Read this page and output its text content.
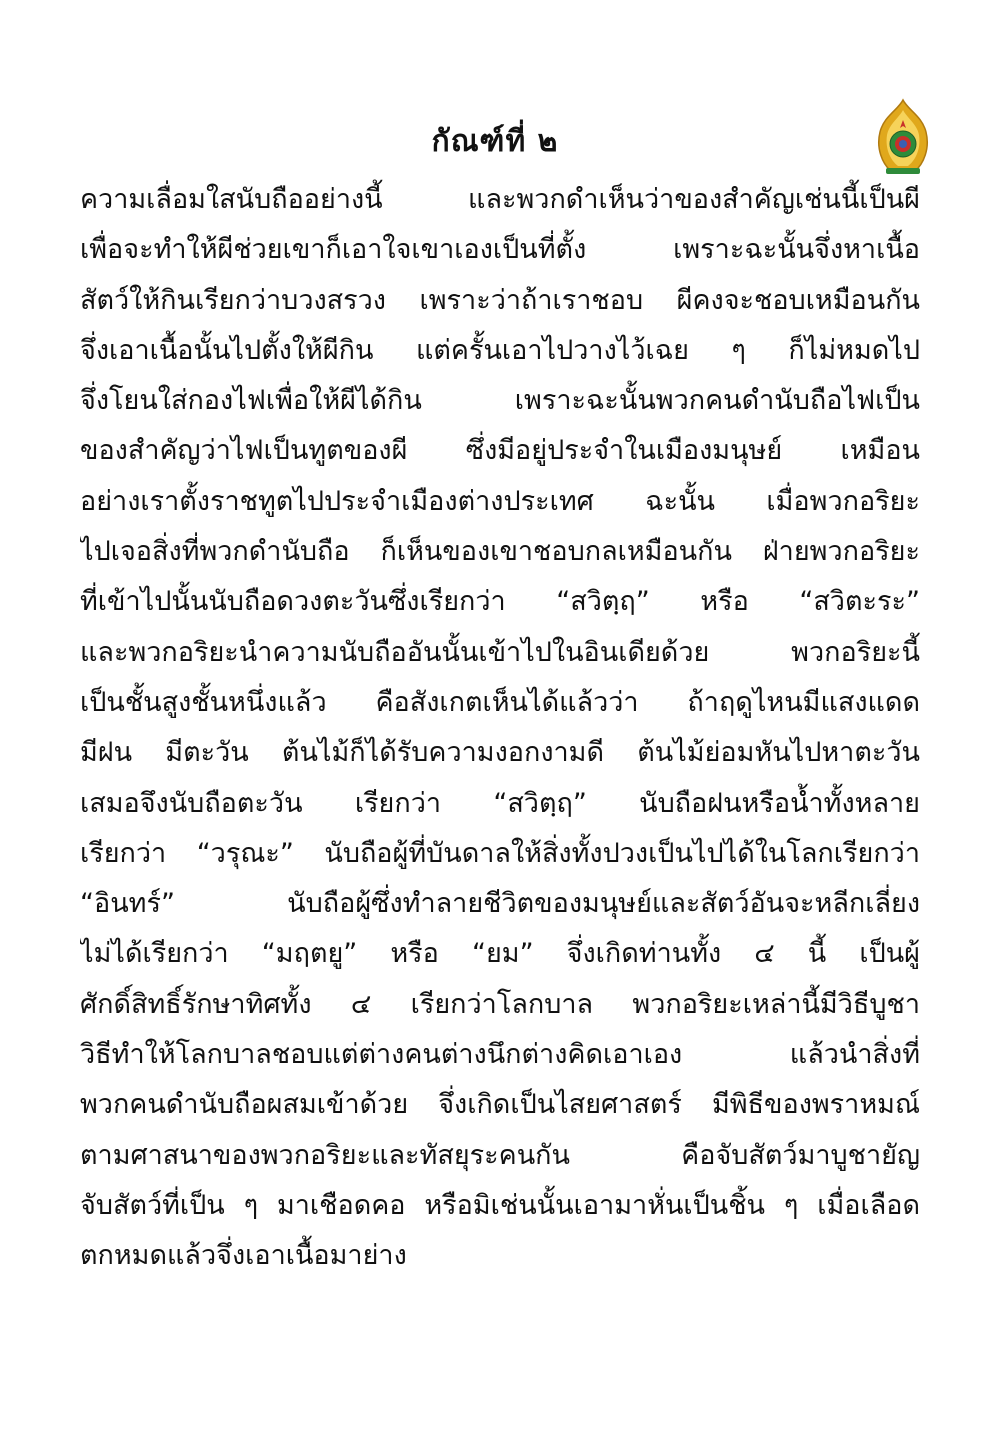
กัณฑ์ที่ ๒
ความเลื่อมใสนับถืออย่างนี้ และพวกดำเห็นว่าของสำคัญเช่นนี้เป็นผี
เพื่อจะทำให้ผีช่วยเขาก็เอาใจเขาเองเป็นที่ตั้ง เพราะฉะนั้นจึ่งหาเนื้อ
สัตว์ให้กินเรียกว่าบวงสรวง เพราะว่าถ้าเราชอบ ผีคงจะชอบเหมือนกัน
จึ่งเอาเนื้อนั้นไปตั้งให้ผีกิน แต่ครั้นเอาไปวางไว้เฉย ๆ ก็ไม่หมดไป
จึ่งโยนใส่กองไฟเพื่อให้ผีได้กิน เพราะฉะนั้นพวกคนดำนับถือไฟเป็น
ของสำคัญว่าไฟเป็นทูตของผี ซึ่งมีอยู่ประจำในเมืองมนุษย์ เหมือน
อย่างเราตั้งราชทูตไปประจำเมืองต่างประเทศ ฉะนั้น เมื่อพวกอริยะ
ไปเจอสิ่งที่พวกดำนับถือ ก็เห็นของเขาชอบกลเหมือนกัน ฝ่ายพวกอริยะ
ที่เข้าไปนั้นนับถือดวงตะวันซึ่งเรียกว่า “สวิตฺฤ” หรือ “สวิตะระ”
และพวกอริยะนำความนับถืออันนั้นเข้าไปในอินเดียด้วย พวกอริยะนี้
เป็นชั้นสูงชั้นหนึ่งแล้ว คือสังเกตเห็นได้แล้วว่า ถ้าฤดูไหนมีแสงแดด
มีฝน มีตะวัน ต้นไม้ก็ได้รับความงอกงามดี ต้นไม้ย่อมหันไปหาตะวัน
เสมอจึงนับถือตะวัน เรียกว่า “สวิตฺฤ” นับถือฝนหรือน้ำทั้งหลาย
เรียกว่า “วรุณะ” นับถือผู้ที่บันดาลให้สิ่งทั้งปวงเป็นไปได้ในโลกเรียกว่า
“อินทร์” นับถือผู้ซึ่งทำลายชีวิตของมนุษย์และสัตว์อันจะหลีกเลี่ยง
ไม่ได้เรียกว่า “มฤตยู” หรือ “ยม” จึ่งเกิดท่านทั้ง ๔ นี้ เป็นผู้
ศักดิ์สิทธิ์รักษาทิศทั้ง ๔ เรียกว่าโลกบาล พวกอริยะเหล่านี้มีวิธีบูชา
วิธีทำให้โลกบาลชอบแต่ต่างคนต่างนึกต่างคิดเอาเอง แล้วนำสิ่งที่
พวกคนดำนับถือผสมเข้าด้วย จึ่งเกิดเป็นไสยศาสตร์ มีพิธีของพราหมณ์
ตามศาสนาของพวกอริยะและทัสยุระคนกัน คือจับสัตว์มาบูชายัญ
จับสัตว์ที่เป็น ๆ มาเชือดคอ หรือมิเช่นนั้นเอามาหั่นเป็นชิ้น ๆ เมื่อเลือด
ตกหมดแล้วจึ่งเอาเนื้อมาย่าง
